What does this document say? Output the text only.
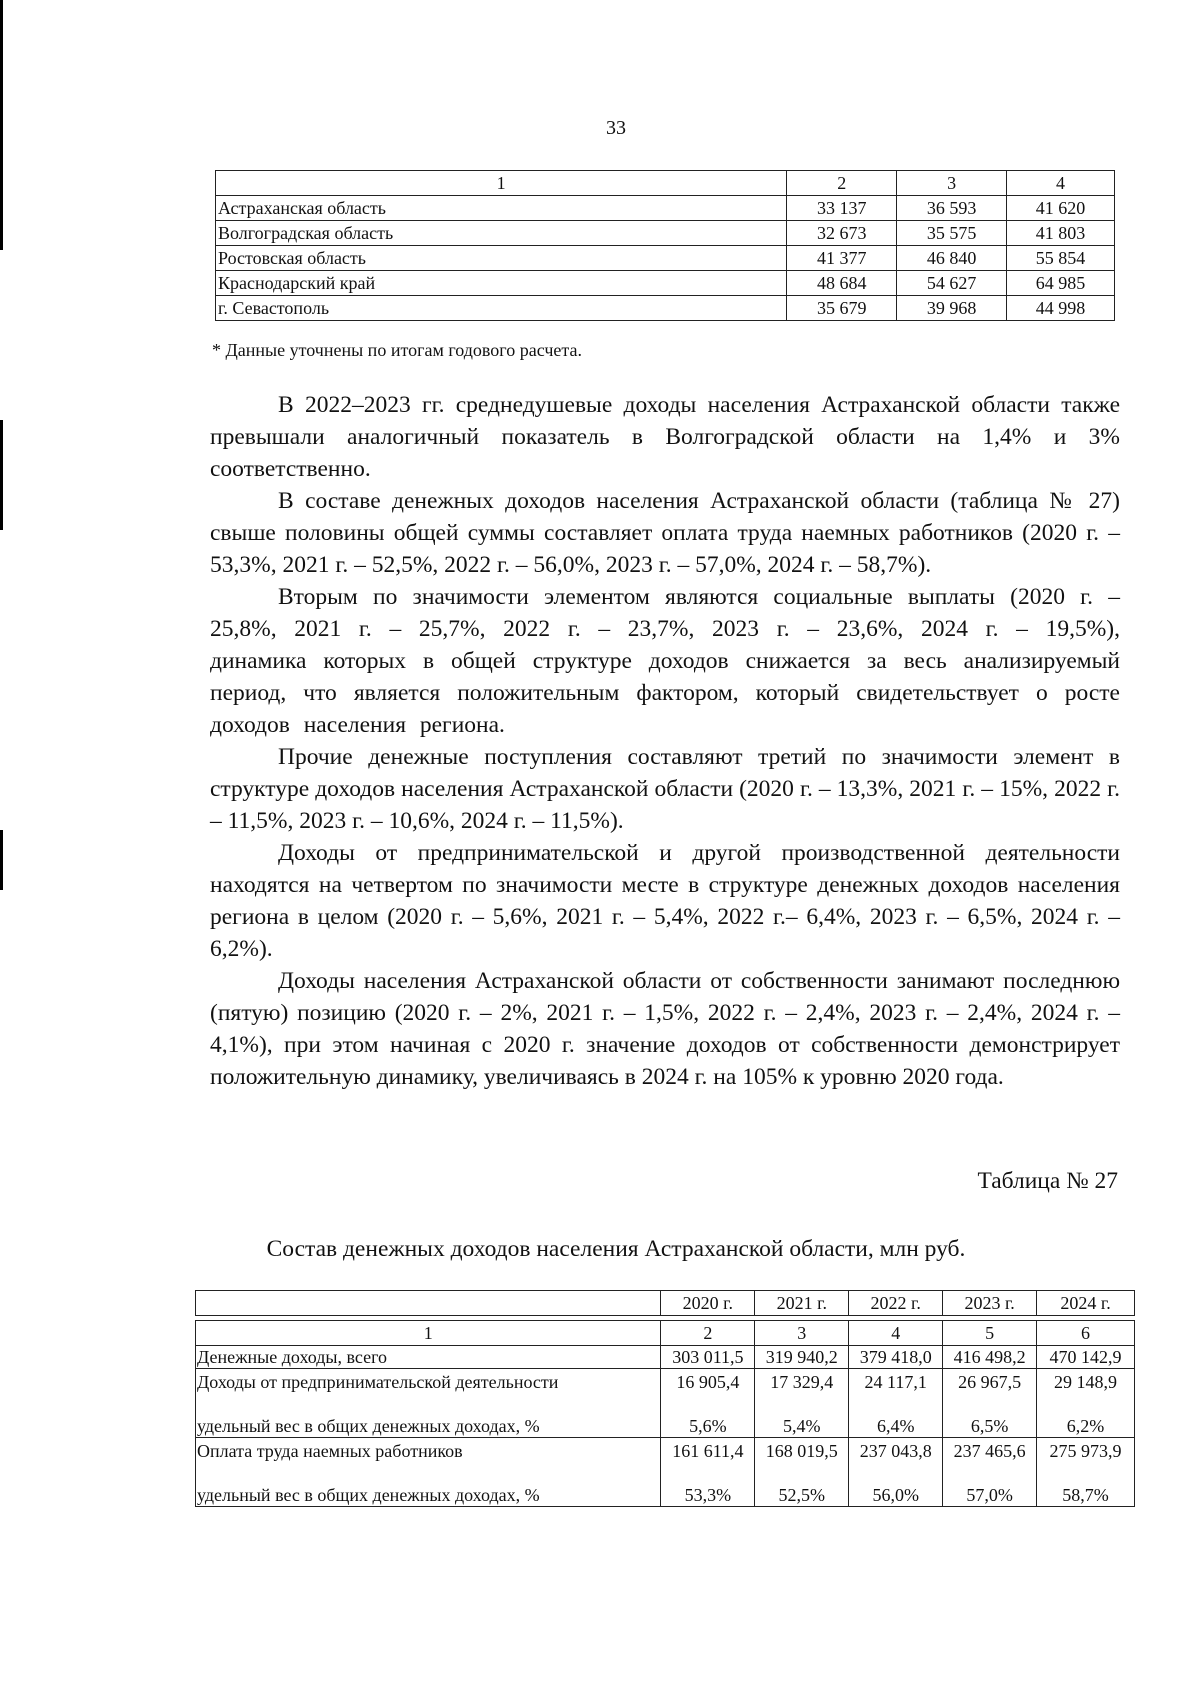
33
1	2	3	4
Астраханская область	33 137	36 593	41 620
Волгоградская область	32 673	35 575	41 803
Ростовская область	41 377	46 840	55 854
Краснодарский край	48 684	54 627	64 985
г. Севастополь	35 679	39 968	44 998
* Данные уточнены по итогам годового расчета.

В 2022–2023 гг. среднедушевые доходы населения Астраханской области также превышали аналогичный показатель в Волгоградской области на 1,4% и 3% соответственно.

В составе денежных доходов населения Астраханской области (таблица № 27) свыше половины общей суммы составляет оплата труда наемных работников (2020 г. – 53,3%, 2021 г. – 52,5%, 2022 г. – 56,0%, 2023 г. – 57,0%, 2024 г. – 58,7%).

Вторым по значимости элементом являются социальные выплаты (2020 г. – 25,8%, 2021 г. – 25,7%, 2022 г. – 23,7%, 2023 г. – 23,6%, 2024 г. – 19,5%), динамика которых в общей структуре доходов снижается за весь анализируемый период, что является положительным фактором, который свидетельствует о росте доходов населения региона.

Прочие денежные поступления составляют третий по значимости элемент в структуре доходов населения Астраханской области (2020 г. – 13,3%, 2021 г. – 15%, 2022 г. – 11,5%, 2023 г. – 10,6%, 2024 г. – 11,5%).

Доходы от предпринимательской и другой производственной деятельности находятся на четвертом по значимости месте в структуре денежных доходов населения региона в целом (2020 г. – 5,6%, 2021 г. – 5,4%, 2022 г.– 6,4%, 2023 г. – 6,5%, 2024 г. – 6,2%).

Доходы населения Астраханской области от собственности занимают последнюю (пятую) позицию (2020 г. – 2%, 2021 г. – 1,5%, 2022 г. – 2,4%, 2023 г. – 2,4%, 2024 г. – 4,1%), при этом начиная с 2020 г. значение доходов от собственности демонстрирует положительную динамику, увеличиваясь в 2024 г. на 105% к уровню 2020 года.

Таблица № 27
Состав денежных доходов населения Астраханской области, млн руб.
	2020 г.	2021 г.	2022 г.	2023 г.	2024 г.

1	2	3	4	5	6
Денежные доходы, всего	303 011,5	319 940,2	379 418,0	416 498,2	470 142,9
Доходы от предпринимательской деятельности	16 905,4	17 329,4	24 117,1	26 967,5	29 148,9
удельный вес в общих денежных доходах, %	5,6%	5,4%	6,4%	6,5%	6,2%
Оплата труда наемных работников	161 611,4	168 019,5	237 043,8	237 465,6	275 973,9
удельный вес в общих денежных доходах, %	53,3%	52,5%	56,0%	57,0%	58,7%
